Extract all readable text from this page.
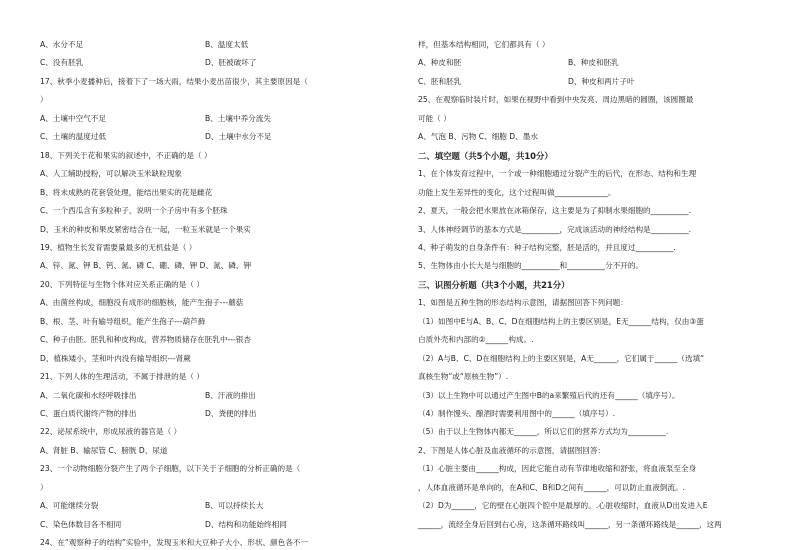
A、水分不足	B、温度太低
C、没有胚乳	D、胚被破坏了
17、秋季小麦播种后，接着下了一场大雨，结果小麦出苗很少，其主要原因是（
）
A、土壤中空气不足	B、土壤中养分流失
C、土壤的温度过低	D、土壤中水分不足
18、下列关于花和果实的叙述中，不正确的是（ ）
A、人工辅助授粉，可以解决玉米缺粒现象
B、将未成熟的花套袋处理，能结出果实的花是雌花
C、一个西瓜含有多粒种子，说明一个子房中有多个胚珠
D、玉米的种皮和果皮紧密结合在一起，一粒玉米就是一个果实
19、植物生长发育需要量最多的无机盐是（ ）
A、锌、氮、钾 B、钙、氮、磷 C、硼、磷、钾 D、氮、磷、钾
20、下列特征与生物个体对应关系正确的是（ ）
A、由菌丝构成，细胞没有成形的细胞核，能产生孢子---蘑菇
B、根、茎、叶有输导组织，能产生孢子---葫芦藓
C、种子由胚、胚乳和种皮构成，营养物质储存在胚乳中---银杏
D、植株矮小，茎和叶内没有输导组织---肾蕨
21、下列人体的生理活动，不属于排泄的是（ ）
A、二氧化碳和水经呼吸排出	B、汗液的排出
C、蛋白质代谢终产物的排出	D、粪便的排出
22、泌尿系统中，形成尿液的器官是（ ）
A、肾脏 B、输尿管 C、膀胱 D、尿道
23、一个动物细胞分裂产生了两个子细胞，以下关于子细胞的分析正确的是（
）
A、可能继续分裂	B、可以持续长大
C、染色体数目各不相同	D、结构和功能始终相同
24、在“观察种子的结构”实验中，发现玉米和大豆种子大小、形状、颜色各不一
样，但基本结构相同，它们都具有（ ）
A、种皮和胚	B、种皮和胚乳
C、胚和胚乳	D、种皮和两片子叶
25、在观察临时装片时，如果在视野中看到中央发亮、周边黑暗的圆圈，该圆圈最
可能（ ）
A、气泡 B、污物 C、细胞 D、墨水
二、填空题（共5个小题，共10分）
1、在个体发育过程中，一个或一种细胞通过分裂产生的后代，在形态、结构和生理
功能上发生差异性的变化，这个过程叫做______________。
2、夏天，一般会把水果放在冰箱保存，这主要是为了抑制水果细胞的__________.
3、人体神经调节的基本方式是__________，完成该活动的神经结构是__________.
4、种子萌发的自身条件有：种子结构完整，胚是活的，并且度过__________.
5、生物体由小长大是与细胞的__________和__________分不开的。
三、识图分析题（共3个小题，共21分）
1、如图是五种生物的形态结构示意图，请据图回答下列问题：
（1）如图中E与A、B、C、D在细胞结构上的主要区别是，E无______结构，仅由③蛋
白质外壳和内部的②______构成。.
（2）A与B、C、D在细胞结构上的主要区别是，A无______，它们属于______（选填“
真核生物”或“原核生物”）.
（3）以上生物中可以通过产生图中B的a来繁殖后代的还有______（填序号）。
（4）制作馒头、酿酒时需要利用图中的______（填序号）.
（5）由于以上生物体内都无______，所以它们的营养方式均为__________.
2、下图是人体心脏及血液循环的示意图，请据图回答：
（1）心脏主要由______构成，因此它能自动有节律地收缩和舒张，将血液泵至全身
，人体血液循环是单向的，在A和C、B和D之间有______，可以防止血液倒流。.
（2）D为______，它的壁在心脏四个腔中是最厚的。.心脏收缩时，血液从D出发进入E
______，流经全身后回到右心房，这条循环路线叫______，另一条循环路线是______，这两
